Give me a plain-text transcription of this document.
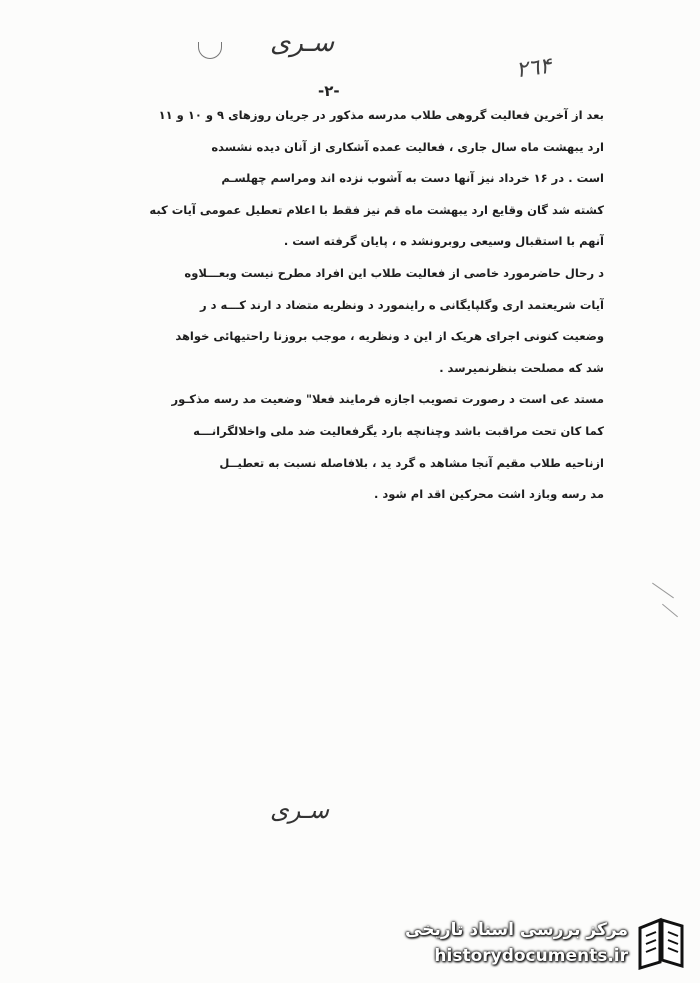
سـرى
٢٦۴
-٢-
بعد از آخرین فعالیت گروهی طلاب مدرسه مذکور در جریان روزهای ۹ و ۱۰ و ۱۱
ارد یبهشت ماه سال جاری ، فعالیت عمده آشکاری از آنان دیده نشسده
است . در ۱۶ خرداد نیز آنها دست به آشوب نزده اند ومراسم چهلسـم
کشته شد گان وقایع ارد یبهشت ماه قم نیز فقط با اعلام تعطیل عمومی آیات کبه
آنهم با استقبال وسیعی روبرونشد ه ، پایان گرفته است .
د رحال حاضرمورد خاصی از فعالیت طلاب این افراد مطرح نیست وبعـــلاوه
آیات شریعتمد اری وگلپایگانی ه راینمورد د ونظریه متضاد د ارند کـــه د ر
وضعیت کنونی اجرای هریک از این د ونظریه ، موجب بروزنا راحتیهائی خواهد
شد که مصلحت بنظرنمیرسد .
مستد عی است د رصورت تصویب اجازه فرمایند فعلا" وضعیت مد رسه مذکـور
کما کان تحت مراقبت باشد وچنانچه بارد یگرفعالیت ضد ملی واخلالگرانـــه
ازناحیه طلاب مقیم آنجا مشاهد ه گرد ید ، بلافاصله نسبت به تعطیــل
مد رسه وبازد اشت محرکین اقد ام شود .
سـرى
مرکز بررسی اسناد تاریخی
historydocuments.ir
